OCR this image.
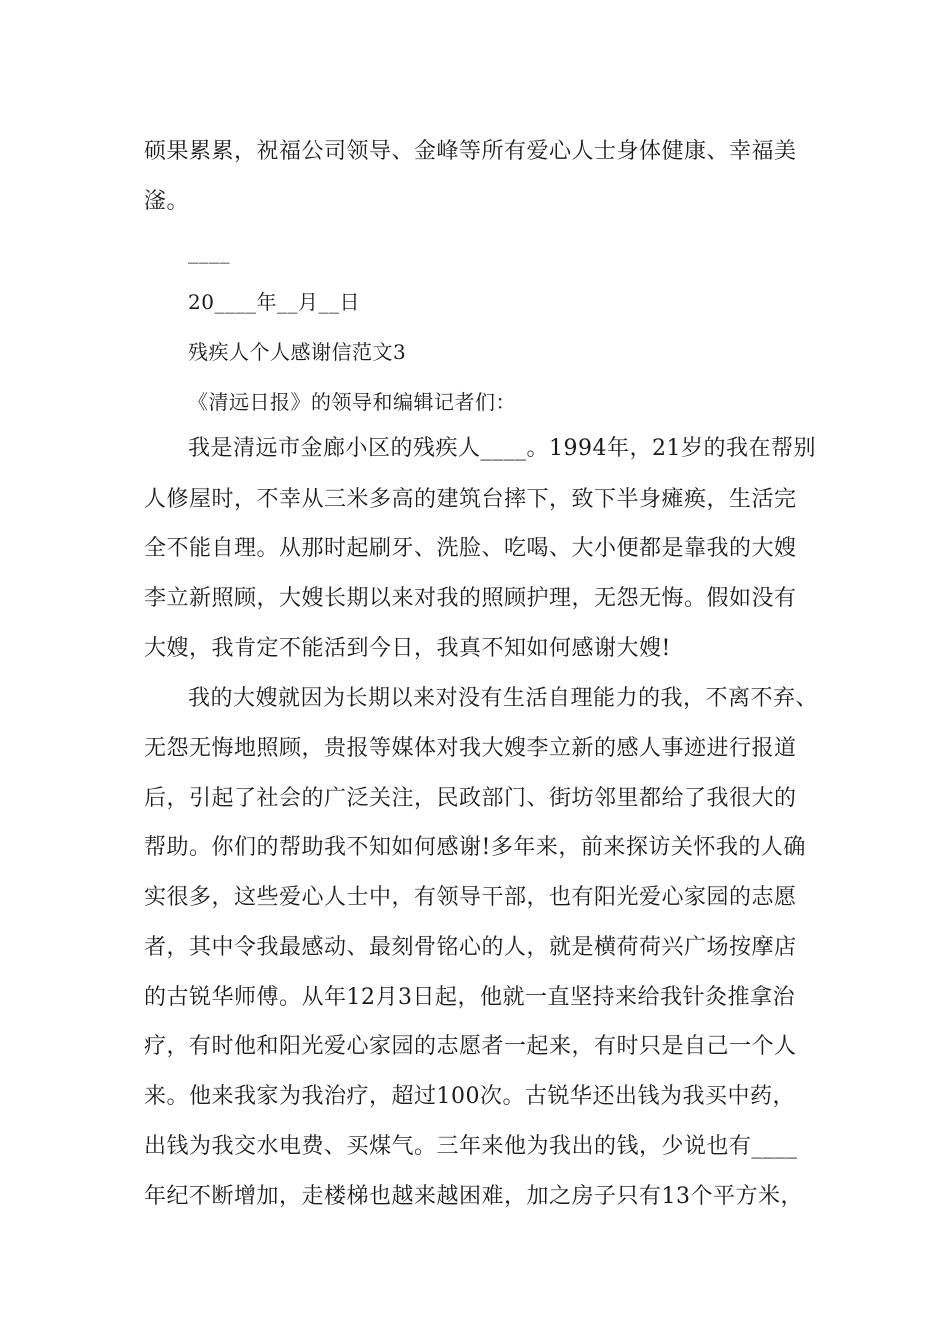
硕果累累，祝福公司领导、金峰等所有爱心人士身体健康、幸福美
滏。
____
20____年__月__日
残疾人个人感谢信范文3
《清远日报》的领导和编辑记者们：
我是清远市金廊小区的残疾人____。1994年，21岁的我在帮别
人修屋时，不幸从三米多高的建筑台摔下，致下半身瘫痪，生活完
全不能自理。从那时起刷牙、洗脸、吃喝、大小便都是靠我的大嫂
李立新照顾，大嫂长期以来对我的照顾护理，无怨无悔。假如没有
大嫂，我肯定不能活到今日，我真不知如何感谢大嫂!
我的大嫂就因为长期以来对没有生活自理能力的我，不离不弃、
无怨无悔地照顾，贵报等媒体对我大嫂李立新的感人事迹进行报道
后，引起了社会的广泛关注，民政部门、街坊邻里都给了我很大的
帮助。你们的帮助我不知如何感谢!多年来，前来探访关怀我的人确
实很多，这些爱心人士中，有领导干部，也有阳光爱心家园的志愿
者，其中令我最感动、最刻骨铭心的人，就是横荷荷兴广场按摩店
的古锐华师傅。从年12月3日起，他就一直坚持来给我针灸推拿治
疗，有时他和阳光爱心家园的志愿者一起来，有时只是自己一个人
来。他来我家为我治疗，超过100次。古锐华还出钱为我买中药，
出钱为我交水电费、买煤气。三年来他为我出的钱，少说也有____
年纪不断增加，走楼梯也越来越困难，加之房子只有13个平方米，
